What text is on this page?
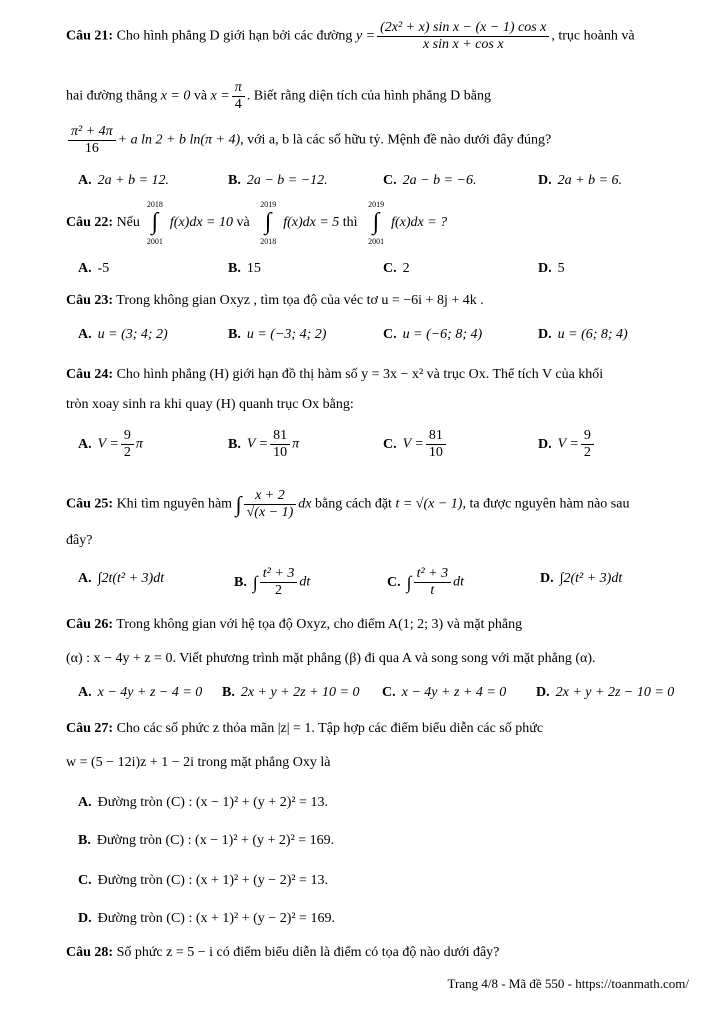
Câu 21: Cho hình phẳng D giới hạn bởi các đường $y = \frac{\text{(2x² + x) sin x − (x − 1) cos x}}{\text{x sin x + cos x}}$ , trục hoành và
hai đường thẳng x = 0 và $x = \frac{\pi}{4}$ . Biết rằng diện tích của hình phẳng D bằng
$\frac{\text{π² + 4π}}{16} + a$ ln 2 + b ln(π + 4), với a, b là các số hữu tỷ. Mệnh đề nào dưới đây đúng?
A. 2a + b = 12.	B. 2a − b = −12.	C. 2a − b = −6.	D. 2a + b = 6.
Câu 22: Nếu
2018
∫
2001
f(x)dx = 10 và
2019
∫
2018
f(x)dx = 5 thì
2019
∫
2001
f(x)dx = ?
A. -5	B. 15	C. 2	D. 5
Câu 23: Trong không gian Oxyz , tìm tọa độ của véc tơ u = −6i + 8j + 4k .
A. u = (3; 4; 2)	B. u = (−3; 4; 2)	C. u = (−6; 8; 4)	D. u = (6; 8; 4)
Câu 24: Cho hình phẳng (H) giới hạn đồ thị hàm số y = 3x − x² và trục Ox. Thể tích V của khối
tròn xoay sinh ra khi quay (H) quanh trục Ox bằng:
A. $V = \frac{9}{2}$ π	B. $V = \frac{81}{10}$ π	C. $V = \frac{81}{10}$	D. $V = \frac{9}{2}$
Câu 25: Khi tìm nguyên hàm ∫ $\frac{x + 2}{√(x - 1)}$ dx bằng cách đặt t = √(x − 1), ta được nguyên hàm nào sau
đây?
A. ∫2t(t² + 3)dt	B. ∫ $\frac{\text{t² + 3}}{2}$ dt	C. ∫ $\frac{\text{t² + 3}}{t}$ dt	D. ∫2(t² + 3)dt
Câu 26: Trong không gian với hệ tọa độ Oxyz, cho điểm A(1; 2; 3) và mặt phẳng
(α) : x − 4y + z = 0. Viết phương trình mặt phẳng (β) đi qua A và song song với mặt phẳng (α).
A. x − 4y + z − 4 = 0 B. 2x + y + 2z + 10 = 0 C. x − 4y + z + 4 = 0 D. 2x + y + 2z − 10 = 0
Câu 27: Cho các số phức z thỏa mãn |z| = 1. Tập hợp các điểm biểu diễn các số phức
w = (5 − 12i)z + 1 − 2i trong mặt phẳng Oxy là
A. Đường tròn (C) : (x − 1)² + (y + 2)² = 13.
B. Đường tròn (C) : (x − 1)² + (y + 2)² = 169.
C. Đường tròn (C) : (x + 1)² + (y − 2)² = 13.
D. Đường tròn (C) : (x + 1)² + (y − 2)² = 169.
Câu 28: Số phức z = 5 − i có điểm biểu diễn là điểm có tọa độ nào dưới đây?
Trang 4/8 - Mã đề 550 - https://toanmath.com/
